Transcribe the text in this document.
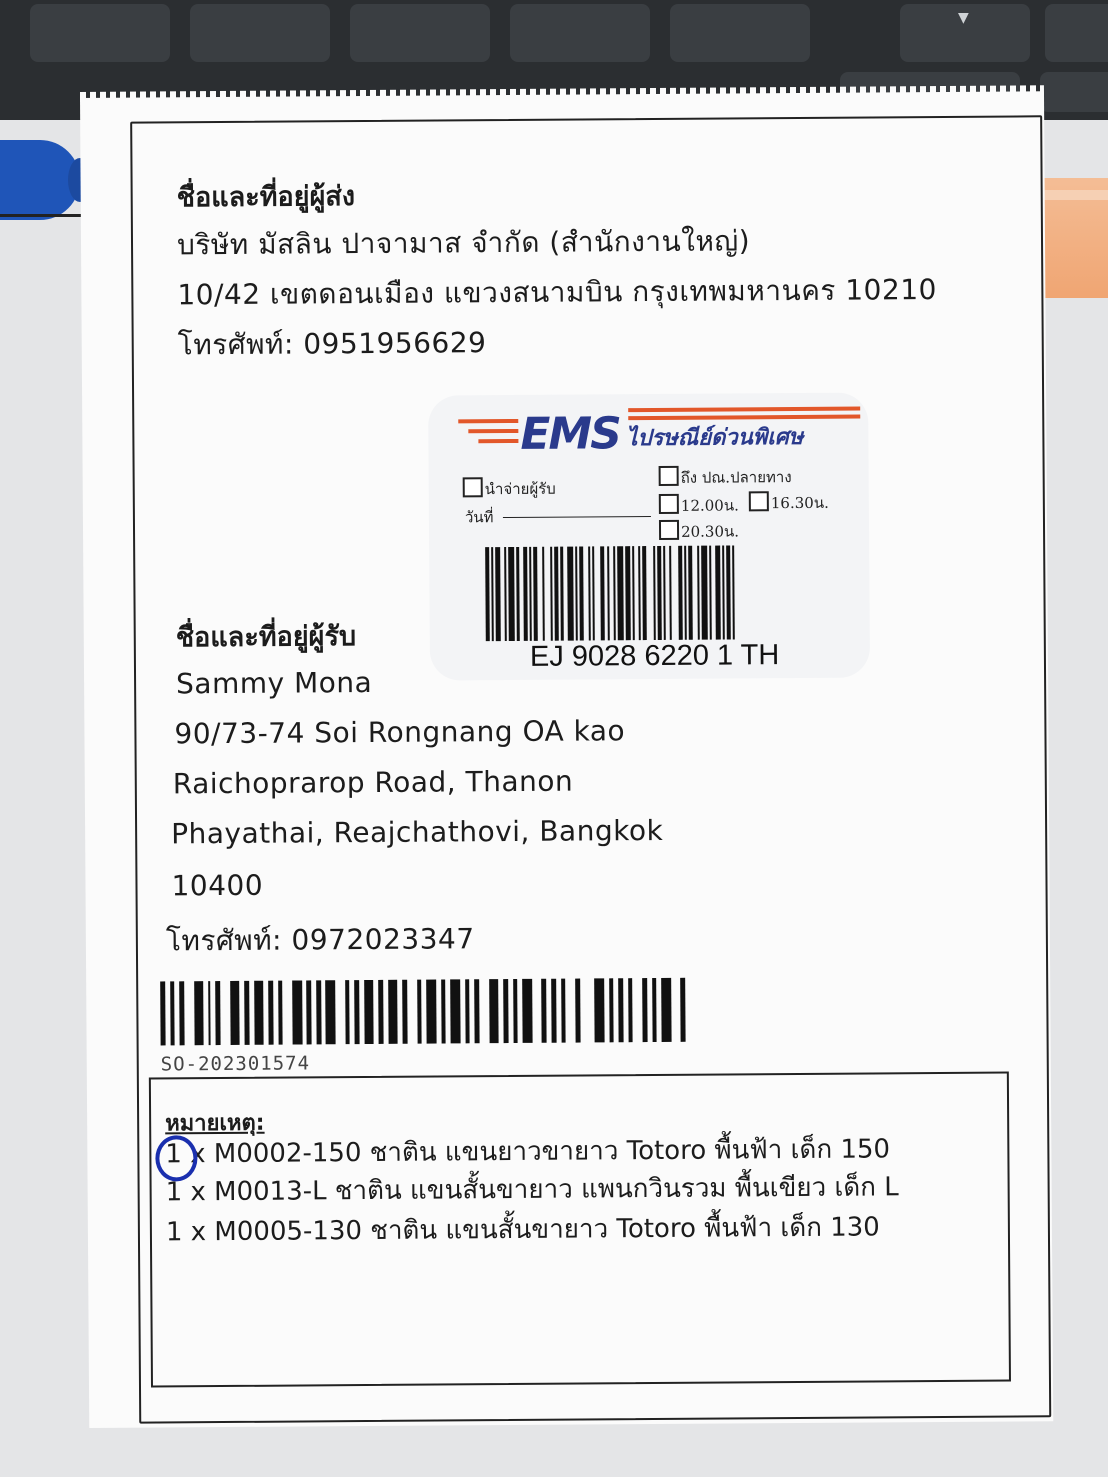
▼
ชื่อและที่อยู่ผู้ส่ง
บริษัท มัสลิน ปาจามาส จำกัด (สำนักงานใหญ่)
10/42 เขตดอนเมือง แขวงสนามบิน กรุงเทพมหานคร 10210
โทรศัพท์: 0951956629
EMS ไปรษณีย์ด่วนพิเศษ
นำจ่ายผู้รับ
วันที่
ถึง ปณ.ปลายทาง
12.00น. 16.30น.
20.30น.
EJ 9028 6220 1 TH
ชื่อและที่อยู่ผู้รับ
Sammy Mona
90/73-74 Soi Rongnang OA kao
Raichoprarop Road, Thanon
Phayathai, Reajchathovi, Bangkok
10400
โทรศัพท์: 0972023347
SO-202301574
หมายเหตุ:
1 x M0002-150 ชาติน แขนยาวขายาว Totoro พื้นฟ้า เด็ก 150
1 x M0013-L ชาติน แขนสั้นขายาว แพนกวินรวม พื้นเขียว เด็ก L
1 x M0005-130 ชาติน แขนสั้นขายาว Totoro พื้นฟ้า เด็ก 130
